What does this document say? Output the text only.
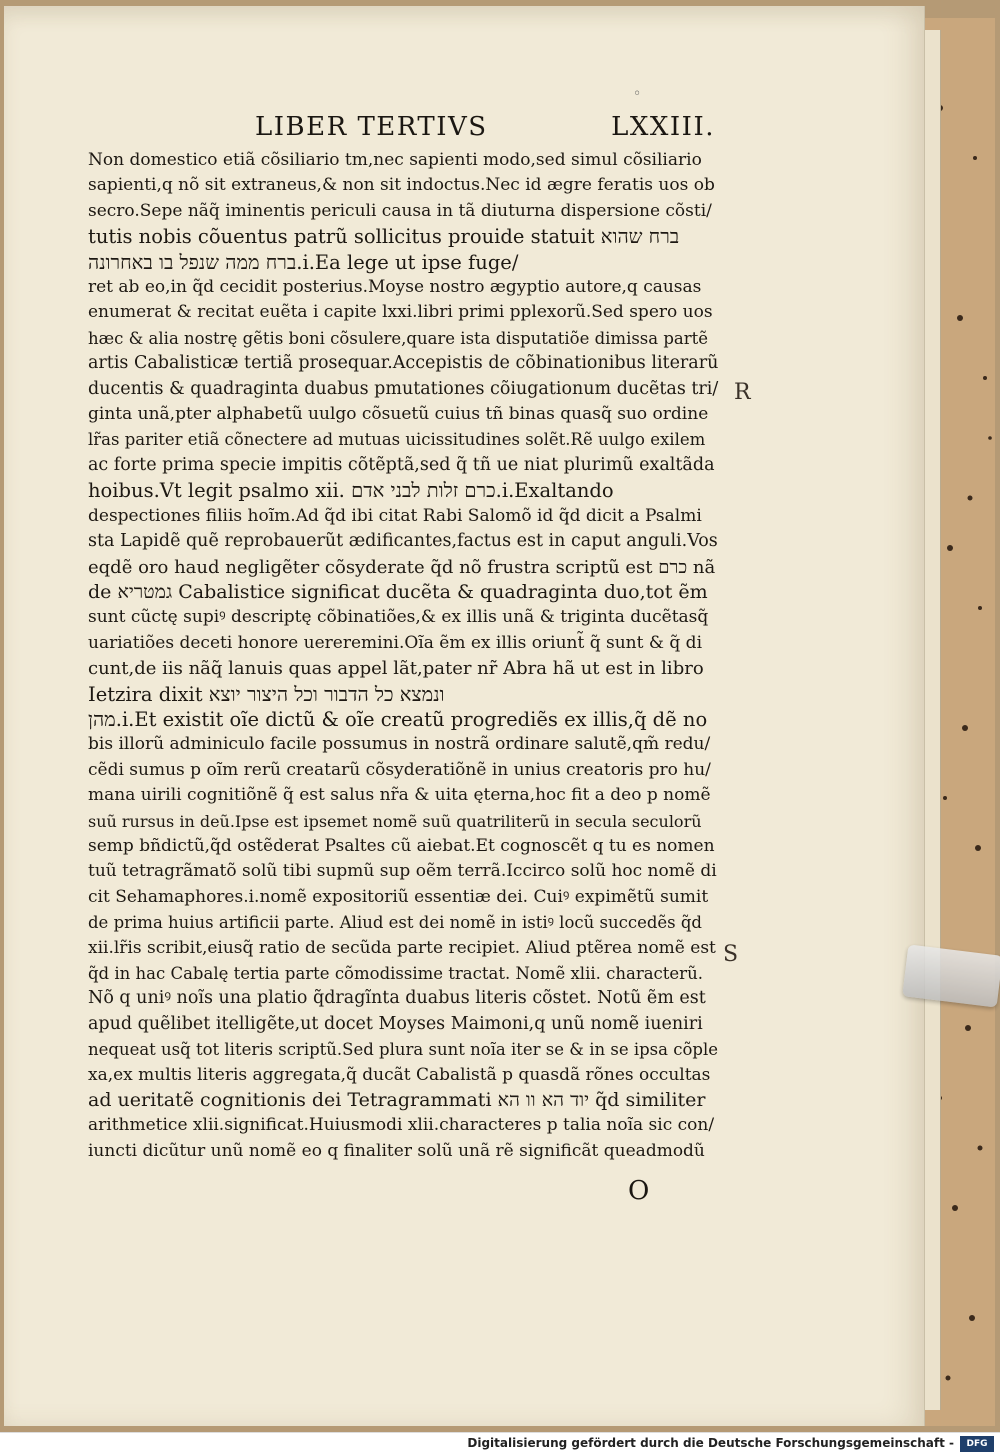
◦
LIBER TERTIVS	LXXIII.
Non domestico etiã cõsiliario tm,nec sapienti modo,sed simul cõsiliario
sapienti,q nõ sit extraneus,& non sit indoctus.Nec id ægre feratis uos ob
secro.Sepe nãq̃ iminentis periculi causa in tã diuturna dispersione cõsti/
tutis nobis cõuentus patrũ sollicitus prouide statuit ברח שהוא
ברח ממה שנפל בו באחרונה.i.Ea lege ut ipse fuge/
ret ab eo,in q̃d cecidit posterius.Moyse nostro ægyptio autore,q causas
enumerat & recitat euẽta i capite lxxi.libri primi pplexorũ.Sed spero uos
hæc & alia nostrę gẽtis boni cõsulere,quare ista disputatiõe dimissa partẽ
artis Cabalisticæ tertiã prosequar.Accepistis de cõbinationibus literarũ
ducentis & quadraginta duabus pmutationes cõiugationum ducẽtas tri/
ginta unã,pter alphabetũ uulgo cõsuetũ cuius tñ binas quasq̃ suo ordine
lr̃as pariter etiã cõnectere ad mutuas uicissitudines solẽt.Rẽ uulgo exilem
ac forte prima specie impitis cõtẽptã,sed q̃ tñ ue niat plurimũ exaltãda
hoibus.Vt legit psalmo xii. כרם זלות לבני אדם.i.Exaltando
despectiones filiis hoĩm.Ad q̃d ibi citat Rabi Salomõ id q̃d dicit a Psalmi
sta Lapidẽ quẽ reprobauerũt ædificantes,factus est in caput anguli.Vos
eqdẽ oro haud negligẽter cõsyderate q̃d nõ frustra scriptũ est כרם nã
de גמטריא Cabalistice significat ducẽta & quadraginta duo,tot ẽm
sunt cũctę supiꝰ descriptę cõbinatiões,& ex illis unã & triginta ducẽtasq̃
uariatiões deceti honore uereremini.Oĩa ẽm ex illis oriunt̃ q̃ sunt & q̃ di
cunt,de iis nãq̃ lanuis quas appel lãt,pater nr̃ Abra hã ut est in libro
Ietzira dixit ונמצא כל הדבור וכל היצור יוצא
מהן.i.Et existit oĩe dictũ & oĩe creatũ progrediẽs ex illis,q̃ dẽ no
bis illorũ adminiculo facile possumus in nostrã ordinare salutẽ,qm̃ redu/
cẽdi sumus p oĩm rerũ creatarũ cõsyderatiõnẽ in unius creatoris pro hu/
mana uirili cognitiõnẽ q̃ est salus nr̃a & uita ęterna,hoc fit a deo p nomẽ
suũ rursus in deũ.Ipse est ipsemet nomẽ suũ quatriliterũ in secula seculorũ
semp bñdictũ,q̃d ostẽderat Psaltes cũ aiebat.Et cognoscẽt q tu es nomen
tuũ tetragrãmatõ solũ tibi supmũ sup oẽm terrã.Iccirco solũ hoc nomẽ di
cit Sehamaphores.i.nomẽ expositoriũ essentiæ dei. Cuiꝰ expimẽtũ sumit
de prima huius artificii parte. Aliud est dei nomẽ in istiꝰ locũ succedẽs q̃d
xii.lr̃is scribit,eiusq̃ ratio de secũda parte recipiet. Aliud ptẽrea nomẽ est
q̃d in hac Cabalę tertia parte cõmodissime tractat. Nomẽ xlii. characterũ.
Nõ q uniꝰ noĩs una platio q̃dragĩnta duabus literis cõstet. Notũ ẽm est
apud quẽlibet itelligẽte,ut docet Moyses Maimoni,q unũ nomẽ iueniri
nequeat usq̃ tot literis scriptũ.Sed plura sunt noĩa iter se & in se ipsa cõple
xa,ex multis literis aggregata,q̃ ducãt Cabalistã p quasdã rõnes occultas
ad ueritatẽ cognitionis dei Tetragrammati יוד הא וו הא q̃d similiter
arithmetice xlii.significat.Huiusmodi xlii.characteres p talia noĩa sic con/
iuncti dicũtur unũ nomẽ eo q finaliter solũ unã rẽ significãt queadmodũ
R
S
O
Digitalisierung gefördert durch die Deutsche Forschungsgemeinschaft -	DFG
